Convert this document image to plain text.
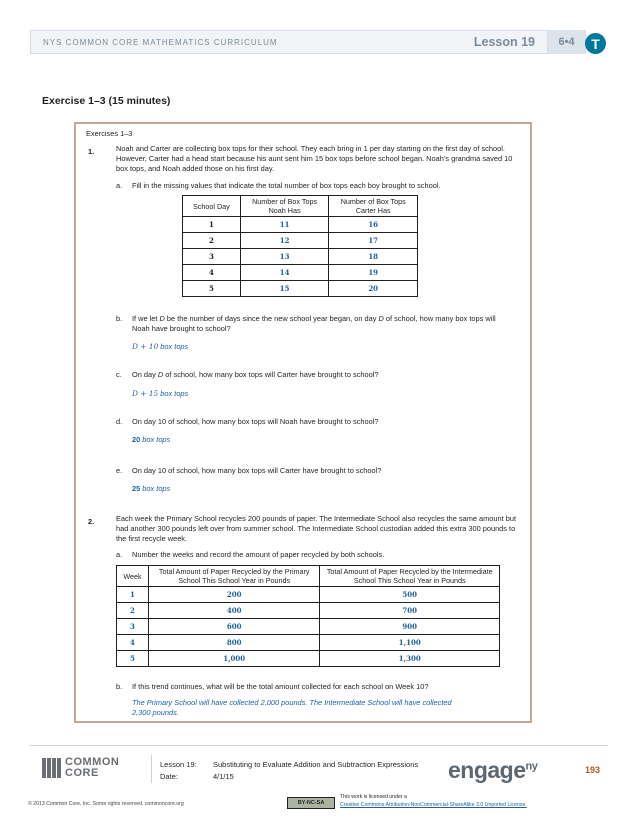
NYS COMMON CORE MATHEMATICS CURRICULUM	Lesson 19	6•4	T
Exercise 1–3 (15 minutes)
Exercises 1–3
1.	Noah and Carter are collecting box tops for their school. They each bring in 1 per day starting on the first day of school. However, Carter had a head start because his aunt sent him 15 box tops before school began. Noah’s grandma saved 10 box tops, and Noah added those on his first day.
a. Fill in the missing values that indicate the total number of box tops each boy brought to school.
School Day	Number of Box Tops Noah Has	Number of Box Tops Carter Has
1	11	16
2	12	17
3	13	18
4	14	19
5	15	20
b. If we let D be the number of days since the new school year began, on day D of school, how many box tops will Noah have brought to school?
D + 10 box tops
c. On day D of school, how many box tops will Carter have brought to school?
D + 15 box tops
d. On day 10 of school, how many box tops will Noah have brought to school?
20 box tops
e. On day 10 of school, how many box tops will Carter have brought to school?
25 box tops
2.	Each week the Primary School recycles 200 pounds of paper. The Intermediate School also recycles the same amount but had another 300 pounds left over from summer school. The Intermediate School custodian added this extra 300 pounds to the first recycle week.
a. Number the weeks and record the amount of paper recycled by both schools.
Week	Total Amount of Paper Recycled by the Primary School This School Year in Pounds	Total Amount of Paper Recycled by the Intermediate School This School Year in Pounds
1	200	500
2	400	700
3	600	900
4	800	1,100
5	1,000	1,300
b. If this trend continues, what will be the total amount collected for each school on Week 10?
The Primary School will have collected 2,000 pounds. The Intermediate School will have collected 2,300 pounds.
COMMON
CORE
Lesson 19: Substituting to Evaluate Addition and Subtraction Expressions
Date:	4/1/15	engage$^{ny}$	193
© 2013 Common Core, Inc. Some rights reserved. commoncore.org	BY-NC-SA
This work is licensed under a
Creative Commons Attribution-NonCommercial-ShareAlike 3.0 Unported License.
